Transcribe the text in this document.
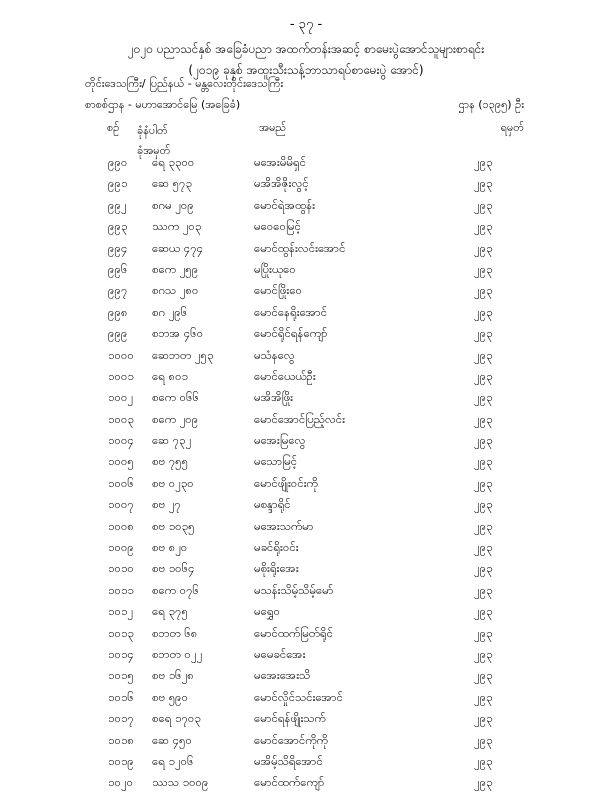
- ၃၇ -
၂၀၂၀ ပညာသင်နှစ် အခြေခံပညာ အထက်တန်းအဆင့် စာမေးပွဲအောင်သူများစာရင်း
(၂၀၁၉ ခုနှစ် အထူးသီးသန့်ဘာသာရပ်စာမေးပွဲ အောင်)
တိုင်းဒေသကြီး/ ပြည်နယ် - မန္တလေးတိုင်းဒေသကြီး
စာစစ်ဌာန - မဟာအောင်မြေ (အခြေခံ)	ဌာန (၁၃၉၅) ဦး
စဉ် ခုံနံပါတ်
ခုံအမှတ်
အမည်	ရမှတ်
၉၉၀ ရေ ၃၃၀၀	မအေးမိမိရှင်	၂၉၃
၉၉၁ ဆေ ၅၇၃	မအိအိဇိုးလွင့်	၂၉၃
၉၉၂ စဂမ ၂၀၉	မောင်ရဲအထွန်း	၂၉၃
၉၉၃ ဿက ၂၀၃	မဝေဝေမြင့်	၂၉၃
၉၉၄ ဆေယ ၄၇၄	မောင်ထွန်းလင်းအောင်	၂၉၃
၉၉၆ စကေ ၂၅၉	မပြိုးယုဝေ	၂၉၃
၉၉၇ စဂသ ၂၈၀	မောင်ဖြိုးဝေ	၂၉၃
၉၉၈ စဂ ၂၉၆	မောင်နေရိုးအောင်	၂၉၃
၉၉၉ စဘအ ၄၆၀	မောင်ရိုင်ရန်ကျော်	၂၉၃
၁၀၀၀ ဆေဘတ ၂၅၃	မသံနလွေ	၂၉၃
၁၀၀၁ ရေ ၈၀၁	မောင်ယေယ်ဦး	၂၉၃
၁၀၀၂ စကေ ၀၆၆	မအိအိဖြိုး	၂၉၃
၁၀၀၃ စကေ ၂၀၉	မောင်အောင်ပြည့်လင်း	၂၉၃
၁၀၀၄ ဆေ ၇၃၂	မအေးမြလွေ	၂၉၃
၁၀၀၅ စဗ ၇၅၅	မသောမြင့်	၂၉၃
၁၀၀၆ စဗ ၀၂၃၀	မောင်ဖျိုးဝင်းကို	၂၉၃
၁၀၀၇ စဗ ၂၇	မစန္ဒာရိုင်	၂၉၃
၁၀၀၈ စဗ ၁၀၃၅	မအေးသက်မာ	၂၉၃
၁၀၀၉ စဗ ၈၂၀	မခင်ရိုးဝင်း	၂၉၃
၁၀၁၀ စဗ ၁၀၆၄	မစိုးရိုးအေး	၂၉၃
၁၀၁၁ စကေ ၀၇၆	မသန်းသိမ့်သိမ့်မော်	၂၉၃
၁၀၁၂ ရေ ၃၇၅	မရွှေဝ	၂၉၃
၁၀၁၃ စဘတ ၆၈	မောင်ထက်မြတ်ရိုင်	၂၉၃
၁၀၁၄ စဘတ ၀၂၂	မမေခင်အေး	၂၉၃
၁၀၁၅ စဗ ၁၆၂၈	မအေးအေးသိ	၂၉၃
၁၀၁၆ စဗ ၅၉၀	မောင်လှိုင်သင်းအောင်	၂၉၃
၁၀၁၇ စရေ ၁၇၀၃	မောင်ရန်ဖျိုးသက်	၂၉၃
၁၀၁၈ ဆေ ၄၅၀	မောင်အောင်ကိုကို	၂၉၃
၁၀၁၉ ရေ ၁၂၀၆	မအိမ့်သိရိအောင်	၂၉၃
၁၀၂၀ ဿသ ၁၀၀၉	မောင်ထက်ကျော်	၂၉၃
